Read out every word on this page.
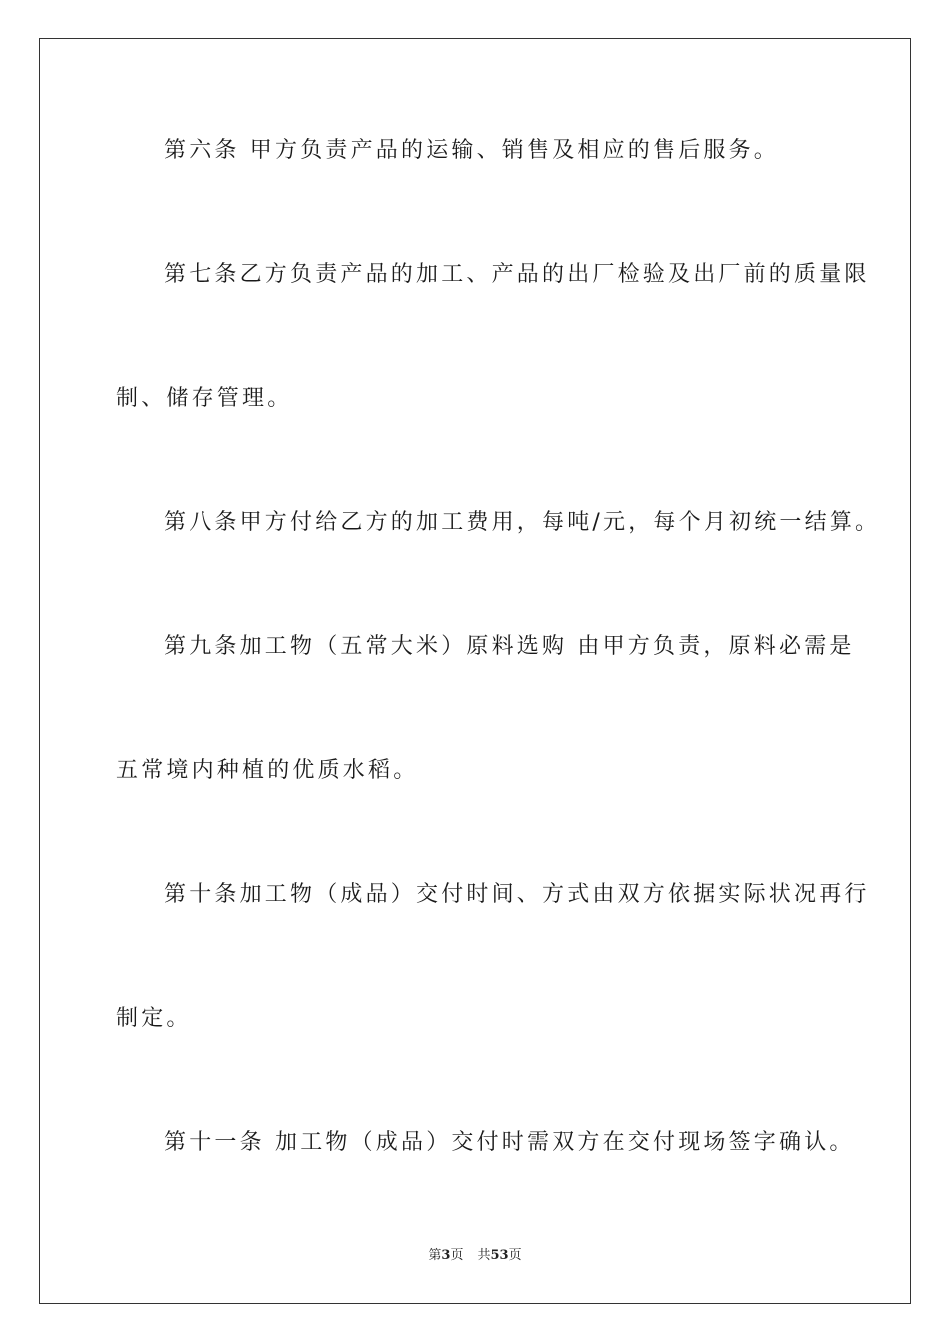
第六条 甲方负责产品的运输、销售及相应的售后服务。
第七条乙方负责产品的加工、产品的出厂检验及出厂前的质量限
制、储存管理。
第八条甲方付给乙方的加工费用，每吨/元，每个月初统一结算。
第九条加工物（五常大米）原料选购 由甲方负责，原料必需是
五常境内种植的优质水稻。
第十条加工物（成品）交付时间、方式由双方依据实际状况再行
制定。
第十一条 加工物（成品）交付时需双方在交付现场签字确认。
第3页 共53页
